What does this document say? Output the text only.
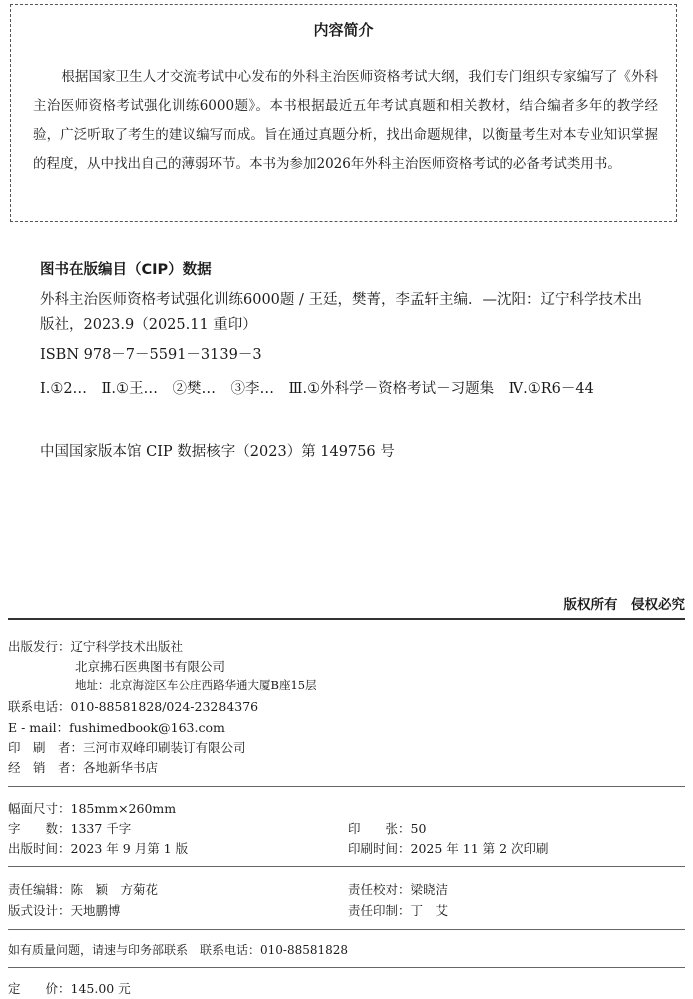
内容简介
根据国家卫生人才交流考试中心发布的外科主治医师资格考试大纲，我们专门组织专家编写了《外科主治医师资格考试强化训练6000题》。本书根据最近五年考试真题和相关教材，结合编者多年的教学经验，广泛听取了考生的建议编写而成。旨在通过真题分析，找出命题规律，以衡量考生对本专业知识掌握的程度，从中找出自己的薄弱环节。本书为参加2026年外科主治医师资格考试的必备考试类用书。
图书在版编目（CIP）数据
外科主治医师资格考试强化训练6000题 / 王廷，樊菁，李孟轩主编．—沈阳：辽宁科学技术出版社，2023.9（2025.11 重印）
ISBN 978－7－5591－3139－3
Ⅰ.①2…　Ⅱ.①王…　②樊…　③李…　Ⅲ.①外科学－资格考试－习题集　Ⅳ.①R6－44
中国国家版本馆 CIP 数据核字（2023）第 149756 号
版权所有　侵权必究
出版发行：辽宁科学技术出版社
北京拂石医典图书有限公司
地址：北京海淀区车公庄西路华通大厦B座15层
联系电话：010-88581828/024-23284376
E - mail：fushimedbook@163.com
印　刷　者：三河市双峰印刷装订有限公司
经　销　者：各地新华书店
幅面尺寸：185mm×260mm
字　　数：1337 千字	印　　张：50
出版时间：2023 年 9 月第 1 版	印刷时间：2025 年 11 第 2 次印刷
责任编辑：陈　颖　方菊花	责任校对：梁晓洁
版式设计：天地鹏博	责任印制：丁　艾
如有质量问题，请速与印务部联系　联系电话：010-88581828
定　　价：145.00 元
